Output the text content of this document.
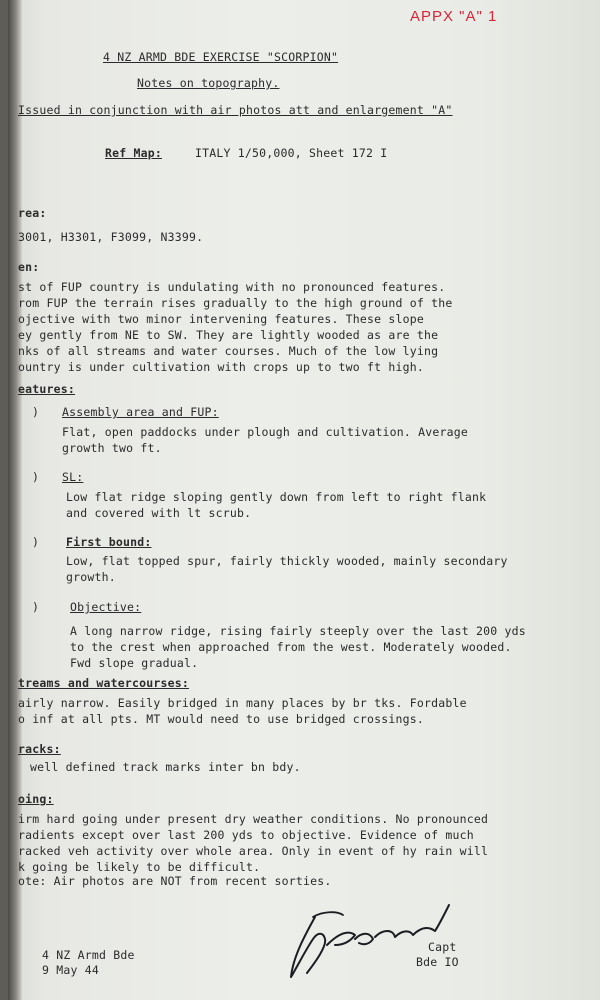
APPX "A" 1
4 NZ ARMD BDE EXERCISE "SCORPION"
Notes on topography.
Issued in conjunction with air photos att and enlargement "A"
Ref Map:	ITALY 1/50,000, Sheet 172 I
rea:
3001, H3301, F3099, N3399.
en:
st of FUP country is undulating with no pronounced features.
rom FUP the terrain rises gradually to the high ground of the
ojective with two minor intervening features. These slope
ey gently from NE to SW. They are lightly wooded as are the
nks of all streams and water courses. Much of the low lying
ountry is under cultivation with crops up to two ft high.
eatures:
) Assembly area and FUP:
Flat, open paddocks under plough and cultivation. Average
growth two ft.
) SL:
Low flat ridge sloping gently down from left to right flank
and covered with lt scrub.
) First bound:
Low, flat topped spur, fairly thickly wooded, mainly secondary
growth.
)	Objective:
A long narrow ridge, rising fairly steeply over the last 200 yds
to the crest when approached from the west. Moderately wooded.
Fwd slope gradual.
treams and watercourses:
airly narrow. Easily bridged in many places by br tks. Fordable
o inf at all pts. MT would need to use bridged crossings.
racks:
well defined track marks inter bn bdy.
oing:
irm hard going under present dry weather conditions. No pronounced
radients except over last 200 yds to objective. Evidence of much
racked veh activity over whole area. Only in event of hy rain will
k going be likely to be difficult.
ote: Air photos are NOT from recent sorties.
Capt
Bde IO
4 NZ Armd Bde
9 May 44
